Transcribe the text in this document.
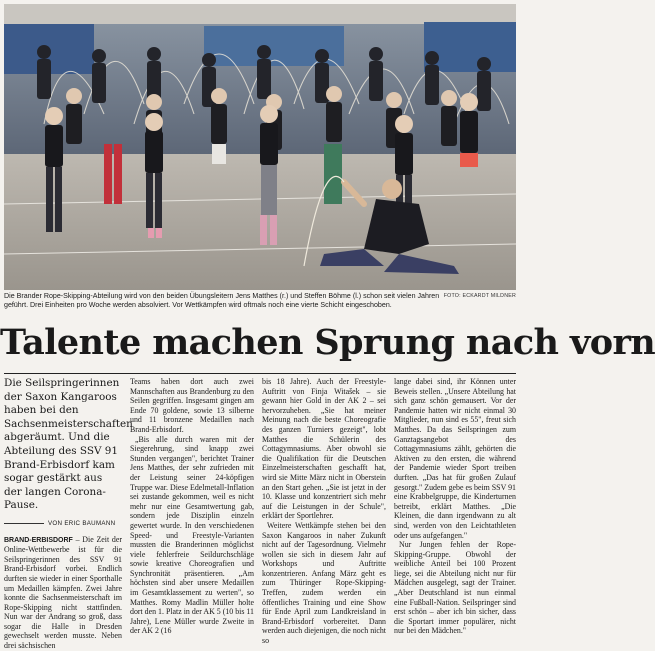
FOTO: ECKARDT MILDNER
Die Brander Rope-Skipping-Abteilung wird von den beiden Übungsleitern Jens Matthes (r.) und Steffen Böhme (l.) schon seit vielen Jahren geführt. Drei Einheiten pro Woche werden absolviert. Vor Wettkämpfen wird oftmals noch eine vierte Schicht eingeschoben.
Talente machen Sprung nach vorn
Die Seilspringerinnen der Saxon Kangaroos haben bei den Sachsenmeisterschaften abgeräumt. Und die Abteilung des SSV 91 Brand-Erbisdorf kam sogar gestärkt aus der langen Corona-Pause.
VON ERIC BAUMANN

BRAND-ERBISDORF – Die Zeit der Online-Wettbewerbe ist für die Seilspringerinnen des SSV 91 Brand-Erbisdorf vorbei. Endlich durften sie wieder in einer Sporthalle um Medaillen kämpfen. Zwei Jahre konnte die Sachsenmeisterschaft im Rope-Skipping nicht stattfinden. Nun war der Andrang so groß, dass sogar die Halle in Dresden gewechselt werden musste. Neben drei sächsischen

Teams haben dort auch zwei Mannschaften aus Brandenburg zu den Seilen gegriffen. Insgesamt gingen am Ende 70 goldene, sowie 13 silberne und 11 bronzene Medaillen nach Brand-Erbisdorf.

„Bis alle durch waren mit der Siegerehrung, sind knapp zwei Stunden vergangen", berichtet Trainer Jens Matthes, der sehr zufrieden mit der Leistung seiner 24-köpfigen Truppe war. Diese Edelmetall-Inflation sei zustande gekommen, weil es nicht mehr nur eine Gesamtwertung gab, sondern jede Disziplin einzeln gewertet wurde. In den verschiedenen Speed- und Freestyle-Varianten mussten die Branderinnen möglichst viele fehlerfreie Seildurchschläge sowie kreative Choreografien und Synchronität präsentieren. „Am höchsten sind aber unsere Medaillen im Gesamtklassement zu werten", so Matthes. Romy Madlin Müller holte dort den 1. Platz in der AK 5 (10 bis 11 Jahre), Lene Müller wurde Zweite in der AK 2 (16

bis 18 Jahre). Auch der Freestyle-Auftritt von Finja Witašek – sie gewann hier Gold in der AK 2 – sei hervorzuheben. „Sie hat meiner Meinung nach die beste Choreografie des ganzen Turniers gezeigt", lobt Matthes die Schülerin des Cottagymnasiums. Aber obwohl sie die Qualifikation für die Deutschen Einzelmeisterschaften geschafft hat, wird sie Mitte März nicht in Oberstein an den Start gehen. „Sie ist jetzt in der 10. Klasse und konzentriert sich mehr auf die Leistungen in der Schule", erklärt der Sportlehrer.

Weitere Wettkämpfe stehen bei den Saxon Kangaroos in naher Zukunft nicht auf der Tagesordnung. Vielmehr wollen sie sich in diesem Jahr auf Workshops und Auftritte konzentrieren. Anfang März geht es zum Thüringer Rope-Skipping-Treffen, zudem werden ein öffentliches Training und eine Show für Ende April zum Landkreisland in Brand-Erbisdorf vorbereitet. Dann werden auch diejenigen, die noch nicht so

lange dabei sind, ihr Können unter Beweis stellen. „Unsere Abteilung hat sich ganz schön gemausert. Vor der Pandemie hatten wir nicht einmal 30 Mitglieder, nun sind es 55", freut sich Matthes. Da das Seilspringen zum Ganztagsangebot des Cottagymnasiums zählt, gehörten die Aktiven zu den ersten, die während der Pandemie wieder Sport treiben durften. „Das hat für großen Zulauf gesorgt." Zudem gebe es beim SSV 91 eine Krabbelgruppe, die Kinderturnen betreibt, erklärt Matthes. „Die Kleinen, die dann irgendwann zu alt sind, werden von den Leichtathleten oder uns aufgefangen."

Nur Jungen fehlen der Rope-Skipping-Gruppe. Obwohl der weibliche Anteil bei 100 Prozent liege, sei die Abteilung nicht nur für Mädchen ausgelegt, sagt der Trainer. „Aber Deutschland ist nun einmal eine Fußball-Nation. Seilspringer sind erst schön – aber ich bin sicher, dass die Sportart immer populärer, nicht nur bei den Mädchen."
